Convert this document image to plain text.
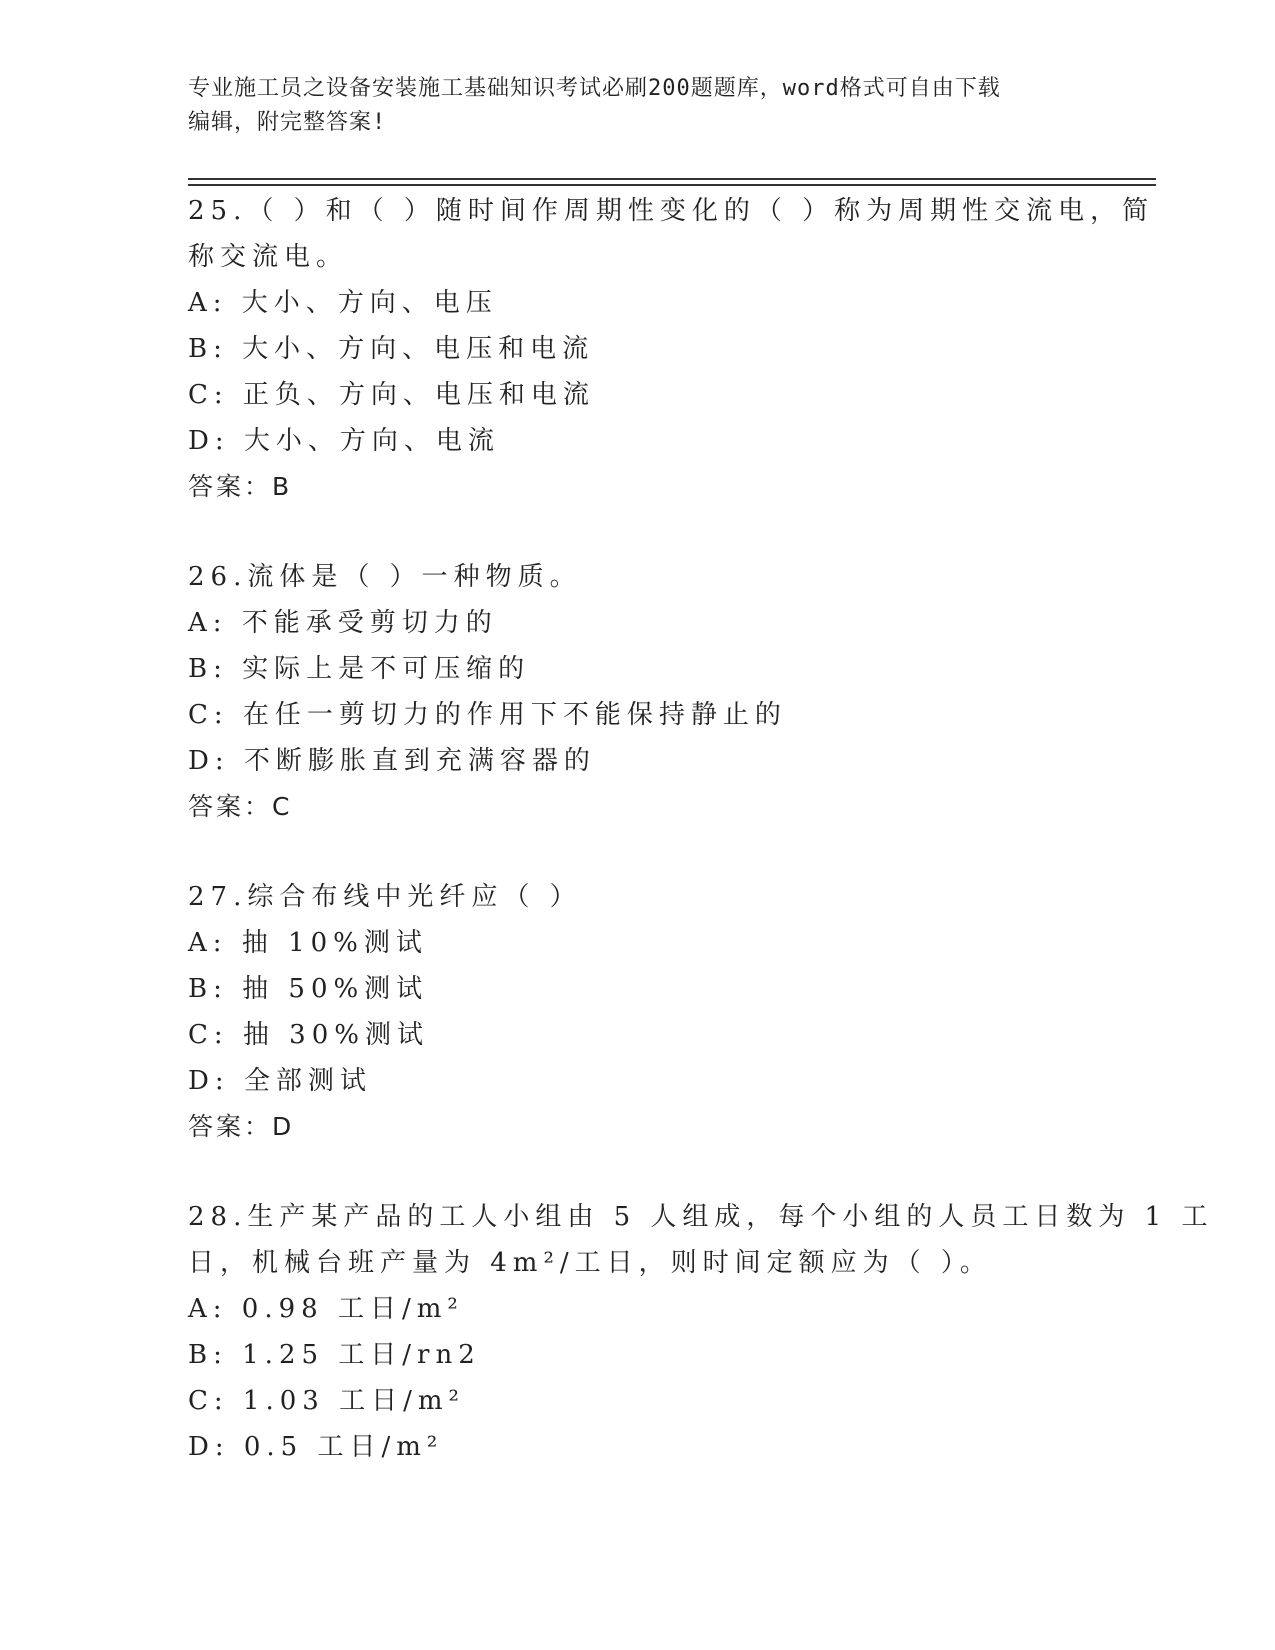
专业施工员之设备安装施工基础知识考试必刷200题题库，word格式可自由下载
编辑，附完整答案!
25.（ ）和（ ）随时间作周期性变化的（ ）称为周期性交流电，简
称交流电。
A: 大小、方向、电压
B: 大小、方向、电压和电流
C: 正负、方向、电压和电流
D: 大小、方向、电流
答案：B
26.流体是（ ）一种物质。
A: 不能承受剪切力的
B: 实际上是不可压缩的
C: 在任一剪切力的作用下不能保持静止的
D: 不断膨胀直到充满容器的
答案：C
27.综合布线中光纤应（ ）
A: 抽 10%测试
B: 抽 50%测试
C: 抽 30%测试
D: 全部测试
答案：D
28.生产某产品的工人小组由 5 人组成，每个小组的人员工日数为 1 工
日，机械台班产量为 4m²/工日，则时间定额应为（ ）。
A: 0.98 工日/m²
B: 1.25 工日/rn2
C: 1.03 工日/m²
D: 0.5 工日/m²
